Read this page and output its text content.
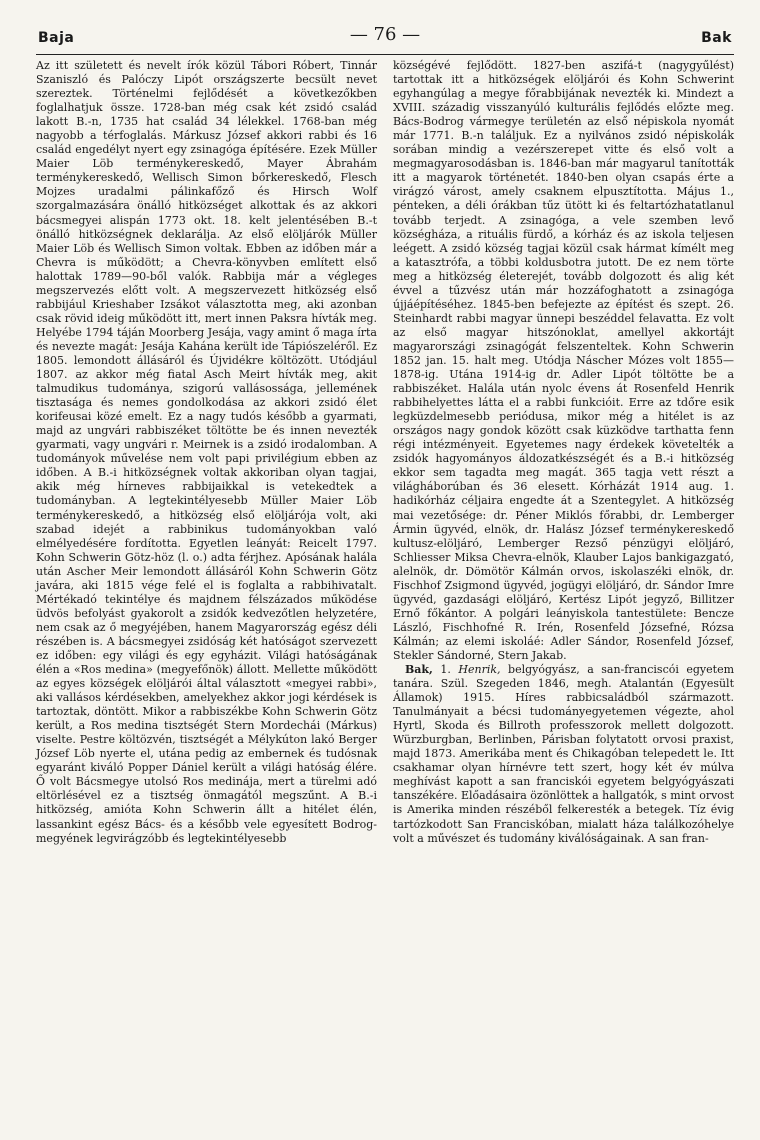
Baja	— 76 —	Bak

Az itt született és nevelt írók közül Tábori Róbert, Tinnár Szaniszló és Palóczy Lipót országszerte becsült nevet szereztek. Történelmi fejlődését a következőkben foglalhatjuk össze. 1728-ban még csak két zsidó család lakott B.-n, 1735 hat család 34 lélekkel. 1768-ban még nagyobb a térfoglalás. Márkusz József akkori rabbi és 16 család engedélyt nyert egy zsinagóga építésére. Ezek Müller Maier Löb terménykereskedő, Mayer Ábrahám terménykereskedő, Wellisch Simon bőrkereskedő, Flesch Mojzes uradalmi pálinkafőző és Hirsch Wolf szorgalmazására önálló hitközséget alkottak és az akkori bácsmegyei alispán 1773 okt. 18. kelt jelentésében B.-t önálló hitközségnek deklarálja. Az első elöljárók Müller Maier Löb és Wellisch Simon voltak. Ebben az időben már a Chevra is működött; a Chevra-könyvben említett első halottak 1789—90-ből valók. Rabbija már a végleges megszervezés előtt volt. A megszervezett hitközség első rabbijául Krieshaber Izsákot választotta meg, aki azonban csak rövid ideig működött itt, mert innen Paksra hívták meg. Helyébe 1794 táján Moorberg Jesája, vagy amint ő maga írta és nevezte magát: Jesája Kahána került ide Tápiószeléről. Ez 1805. lemondott állásáról és Újvidékre költözött. Utódjául 1807. az akkor még fiatal Asch Meirt hívták meg, akit talmudikus tudománya, szigorú vallásossága, jellemének tisztasága és nemes gondolkodása az akkori zsidó élet korifeusai közé emelt. Ez a nagy tudós később a gyarmati, majd az ungvári rabbiszéket töltötte be és innen nevezték gyarmati, vagy ungvári r. Meirnek is a zsidó irodalomban. A tudományok művelése nem volt papi privilégium ebben az időben. A B.-i hitközségnek voltak akkoriban olyan tagjai, akik még hírneves rabbijaikkal is vetekedtek a tudományban. A legtekintélyesebb Müller Maier Löb terménykereskedő, a hitközség első elöljárója volt, aki szabad idejét a rabbinikus tudományokban való elmélyedésére fordította. Egyetlen leányát: Reicelt 1797. Kohn Schwerin Götz-höz (l. o.) adta férjhez. Apósának halála után Ascher Meir lemondott állásáról Kohn Schwerin Götz javára, aki 1815 vége felé el is foglalta a rabbihivatalt. Mértékadó tekintélye és majdnem félszázados működése üdvös befolyást gyakorolt a zsidók kedvezőtlen helyzetére, nem csak az ő megyéjében, hanem Magyarország egész déli részében is. A bácsmegyei zsidóság két hatóságot szervezett ez időben: egy világi és egy egyházit. Világi hatóságának élén a «Ros medina» (megyefőnök) állott. Mellette működött az egyes községek elöljárói által választott «megyei rabbi», aki vallásos kérdésekben, amelyekhez akkor jogi kérdések is tartoztak, döntött. Mikor a rabbiszékbe Kohn Schwerin Götz került, a Ros medina tisztségét Stern Mordechái (Márkus) viselte. Pestre költözvén, tisztségét a Mélykúton lakó Berger József Löb nyerte el, utána pedig az embernek és tudósnak egyaránt kiváló Popper Dániel került a világi hatóság élére. Ő volt Bácsmegye utolsó Ros medinája, mert a türelmi adó eltörlésével ez a tisztség önmagától megszűnt. A B.-i hitközség, amióta Kohn Schwerin állt a hitélet élén, lassankint egész Bács- és a később vele egyesített Bodrog-megyének legvirágzóbb és legtekintélyesebb

községévé fejlődött. 1827-ben aszifá-t (nagygyűlést) tartottak itt a hitközségek elöljárói és Kohn Schwerint egyhangúlag a megye főrabbijának nevezték ki. Mindezt a XVIII. századig visszanyúló kulturális fejlődés előzte meg. Bács-Bodrog vármegye területén az első népiskola nyomát már 1771. B.-n találjuk. Ez a nyilvános zsidó népiskolák sorában mindig a vezérszerepet vitte és első volt a megmagyarosodásban is. 1846-ban már magyarul tanították itt a magyarok történetét. 1840-ben olyan csapás érte a virágzó várost, amely csaknem elpusztította. Május 1., pénteken, a déli órákban tűz ütött ki és feltartózhatatlanul tovább terjedt. A zsinagóga, a vele szemben levő községháza, a rituális fürdő, a kórház és az iskola teljesen leégett. A zsidó község tagjai közül csak hármat kímélt meg a katasztrófa, a többi koldusbotra jutott. De ez nem törte meg a hitközség életerejét, tovább dolgozott és alig két évvel a tűzvész után már hozzáfoghatott a zsinagóga újjáépítéséhez. 1845-ben befejezte az építést és szept. 26. Steinhardt rabbi magyar ünnepi beszéddel felavatta. Ez volt az első magyar hitszónoklat, amellyel akkortájt magyarországi zsinagógát felszenteltek. Kohn Schwerin 1852 jan. 15. halt meg. Utódja Náscher Mózes volt 1855—1878-ig. Utána 1914-ig dr. Adler Lipót töltötte be a rabbiszéket. Halála után nyolc évens át Rosenfeld Henrik rabbihelyettes látta el a rabbi funkcióit. Erre az tdőre esik legküzdelmesebb periódusa, mikor még a hitélet is az országos nagy gondok között csak küzködve tarthatta fenn régi intézményeit. Egyetemes nagy érdekek követelték a zsidók hagyományos áldozatkészségét és a B.-i hitközség ekkor sem tagadta meg magát. 365 tagja vett részt a világháborúban és 36 elesett. Kórházát 1914 aug. 1. hadikórház céljaira engedte át a Szentegylet. A hitközség mai vezetősége: dr. Péner Miklós főrabbi, dr. Lemberger Ármin ügyvéd, elnök, dr. Halász József terménykereskedő kultusz-elöljáró, Lemberger Rezső pénzügyi elöljáró, Schliesser Miksa Chevra-elnök, Klauber Lajos bankigazgató, alelnök, dr. Dömötör Kálmán orvos, iskolaszéki elnök, dr. Fischhof Zsigmond ügyvéd, jogügyi elöljáró, dr. Sándor Imre ügyvéd, gazdasági elöljáró, Kertész Lipót jegyző, Billitzer Ernő főkántor. A polgári leányiskola tantestülete: Bencze László, Fischhofné R. Irén, Rosenfeld Józsefné, Rózsa Kálmán; az elemi iskoláé: Adler Sándor, Rosenfeld József, Stekler Sándorné, Stern Jakab.

Bak, 1. Henrik, belgyógyász, a san-franciscói egyetem tanára. Szül. Szegeden 1846, megh. Atalantán (Egyesült Államok) 1915. Híres rabbicsaládból származott. Tanulmányait a bécsi tudományegyetemen végezte, ahol Hyrtl, Skoda és Billroth professzorok mellett dolgozott. Würzburgban, Berlinben, Párisban folytatott orvosi praxist, majd 1873. Amerikába ment és Chikagóban telepedett le. Itt csakhamar olyan hírnévre tett szert, hogy két év múlva meghívást kapott a san franciskói egyetem belgyógyászati tanszékére. Előadásaira özönlöttek a hallgatók, s mint orvost is Amerika minden részéből felkeresték a betegek. Tíz évig tartózkodott San Franciskóban, mialatt háza találkozóhelye volt a művészet és tudomány kiválóságainak. A san fran-
